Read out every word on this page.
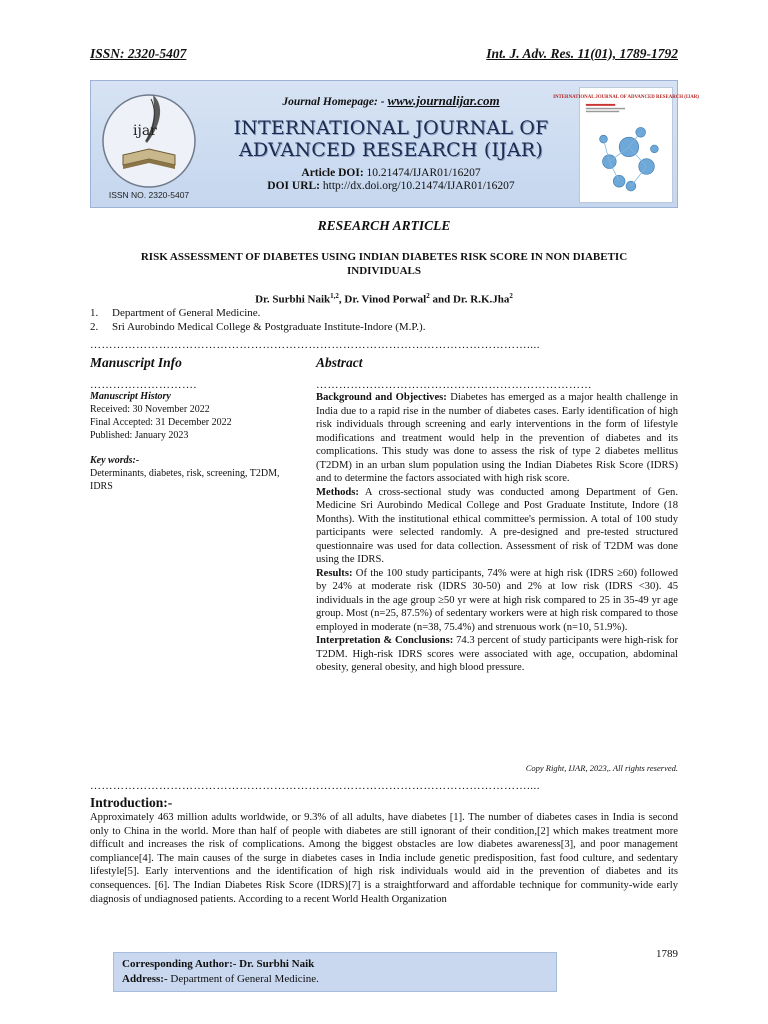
ISSN: 2320-5407	Int. J. Adv. Res. 11(01), 1789-1792
ijar
ISSN NO. 2320-5407
Journal Homepage: - www.journalijar.com
INTERNATIONAL JOURNAL OF
ADVANCED RESEARCH (IJAR)
Article DOI: 10.21474/IJAR01/16207
DOI URL: http://dx.doi.org/10.21474/IJAR01/16207
INTERNATIONAL JOURNAL OF ADVANCED RESEARCH (IJAR)
RESEARCH ARTICLE
RISK ASSESSMENT OF DIABETES USING INDIAN DIABETES RISK SCORE IN NON DIABETIC INDIVIDUALS
Dr. Surbhi Naik$^{1,2}$, Dr. Vinod Porwal$^2$ and Dr. R.K.Jha$^2$
1. Department of General Medicine.
2. Sri Aurobindo Medical College & Postgraduate Institute-Indore (M.P.).
……………………………………………………………………………………………………....
Manuscript Info	Abstract
……………………….	………………………………………………………………
Manuscript History
Received: 30 November 2022
Final Accepted: 31 December 2022
Published: January 2023
Key words:-
Determinants, diabetes, risk, screening, T2DM, IDRS
Background and Objectives: Diabetes has emerged as a major health challenge in India due to a rapid rise in the number of diabetes cases. Early identification of high risk individuals through screening and early interventions in the form of lifestyle modifications and treatment would help in the prevention of diabetes and its complications. This study was done to assess the risk of type 2 diabetes mellitus (T2DM) in an urban slum population using the Indian Diabetes Risk Score (IDRS) and to determine the factors associated with high risk score.
Methods: A cross-sectional study was conducted among Department of Gen. Medicine Sri Aurobindo Medical College and Post Graduate Institute, Indore (18 Months). With the institutional ethical committee's permission. A total of 100 study participants were selected randomly. A pre-designed and pre-tested structured questionnaire was used for data collection. Assessment of risk of T2DM was done using the IDRS.
Results: Of the 100 study participants, 74% were at high risk (IDRS ≥60) followed by 24% at moderate risk (IDRS 30-50) and 2% at low risk (IDRS <30). 45 individuals in the age group ≥50 yr were at high risk compared to 25 in 35-49 yr age group. Most (n=25, 87.5%) of sedentary workers were at high risk compared to those employed in moderate (n=38, 75.4%) and strenuous work (n=10, 51.9%).
Interpretation & Conclusions: 74.3 percent of study participants were high-risk for T2DM. High-risk IDRS scores were associated with age, occupation, abdominal obesity, general obesity, and high blood pressure.
Copy Right, IJAR, 2023,. All rights reserved.
……………………………………………………………………………………………………....
Introduction:-
Approximately 463 million adults worldwide, or 9.3% of all adults, have diabetes [1]. The number of diabetes cases in India is second only to China in the world. More than half of people with diabetes are still ignorant of their condition,[2] which makes treatment more difficult and increases the risk of complications. Among the biggest obstacles are low diabetes awareness[3], and poor management compliance[4]. The main causes of the surge in diabetes cases in India include genetic predisposition, fast food culture, and sedentary lifestyle[5]. Early interventions and the identification of high risk individuals would aid in the prevention of diabetes and its consequences. [6]. The Indian Diabetes Risk Score (IDRS)[7] is a straightforward and affordable technique for community-wide early diagnosis of undiagnosed patients. According to a recent World Health Organization
1789
Corresponding Author:- Dr. Surbhi Naik
Address:- Department of General Medicine.
